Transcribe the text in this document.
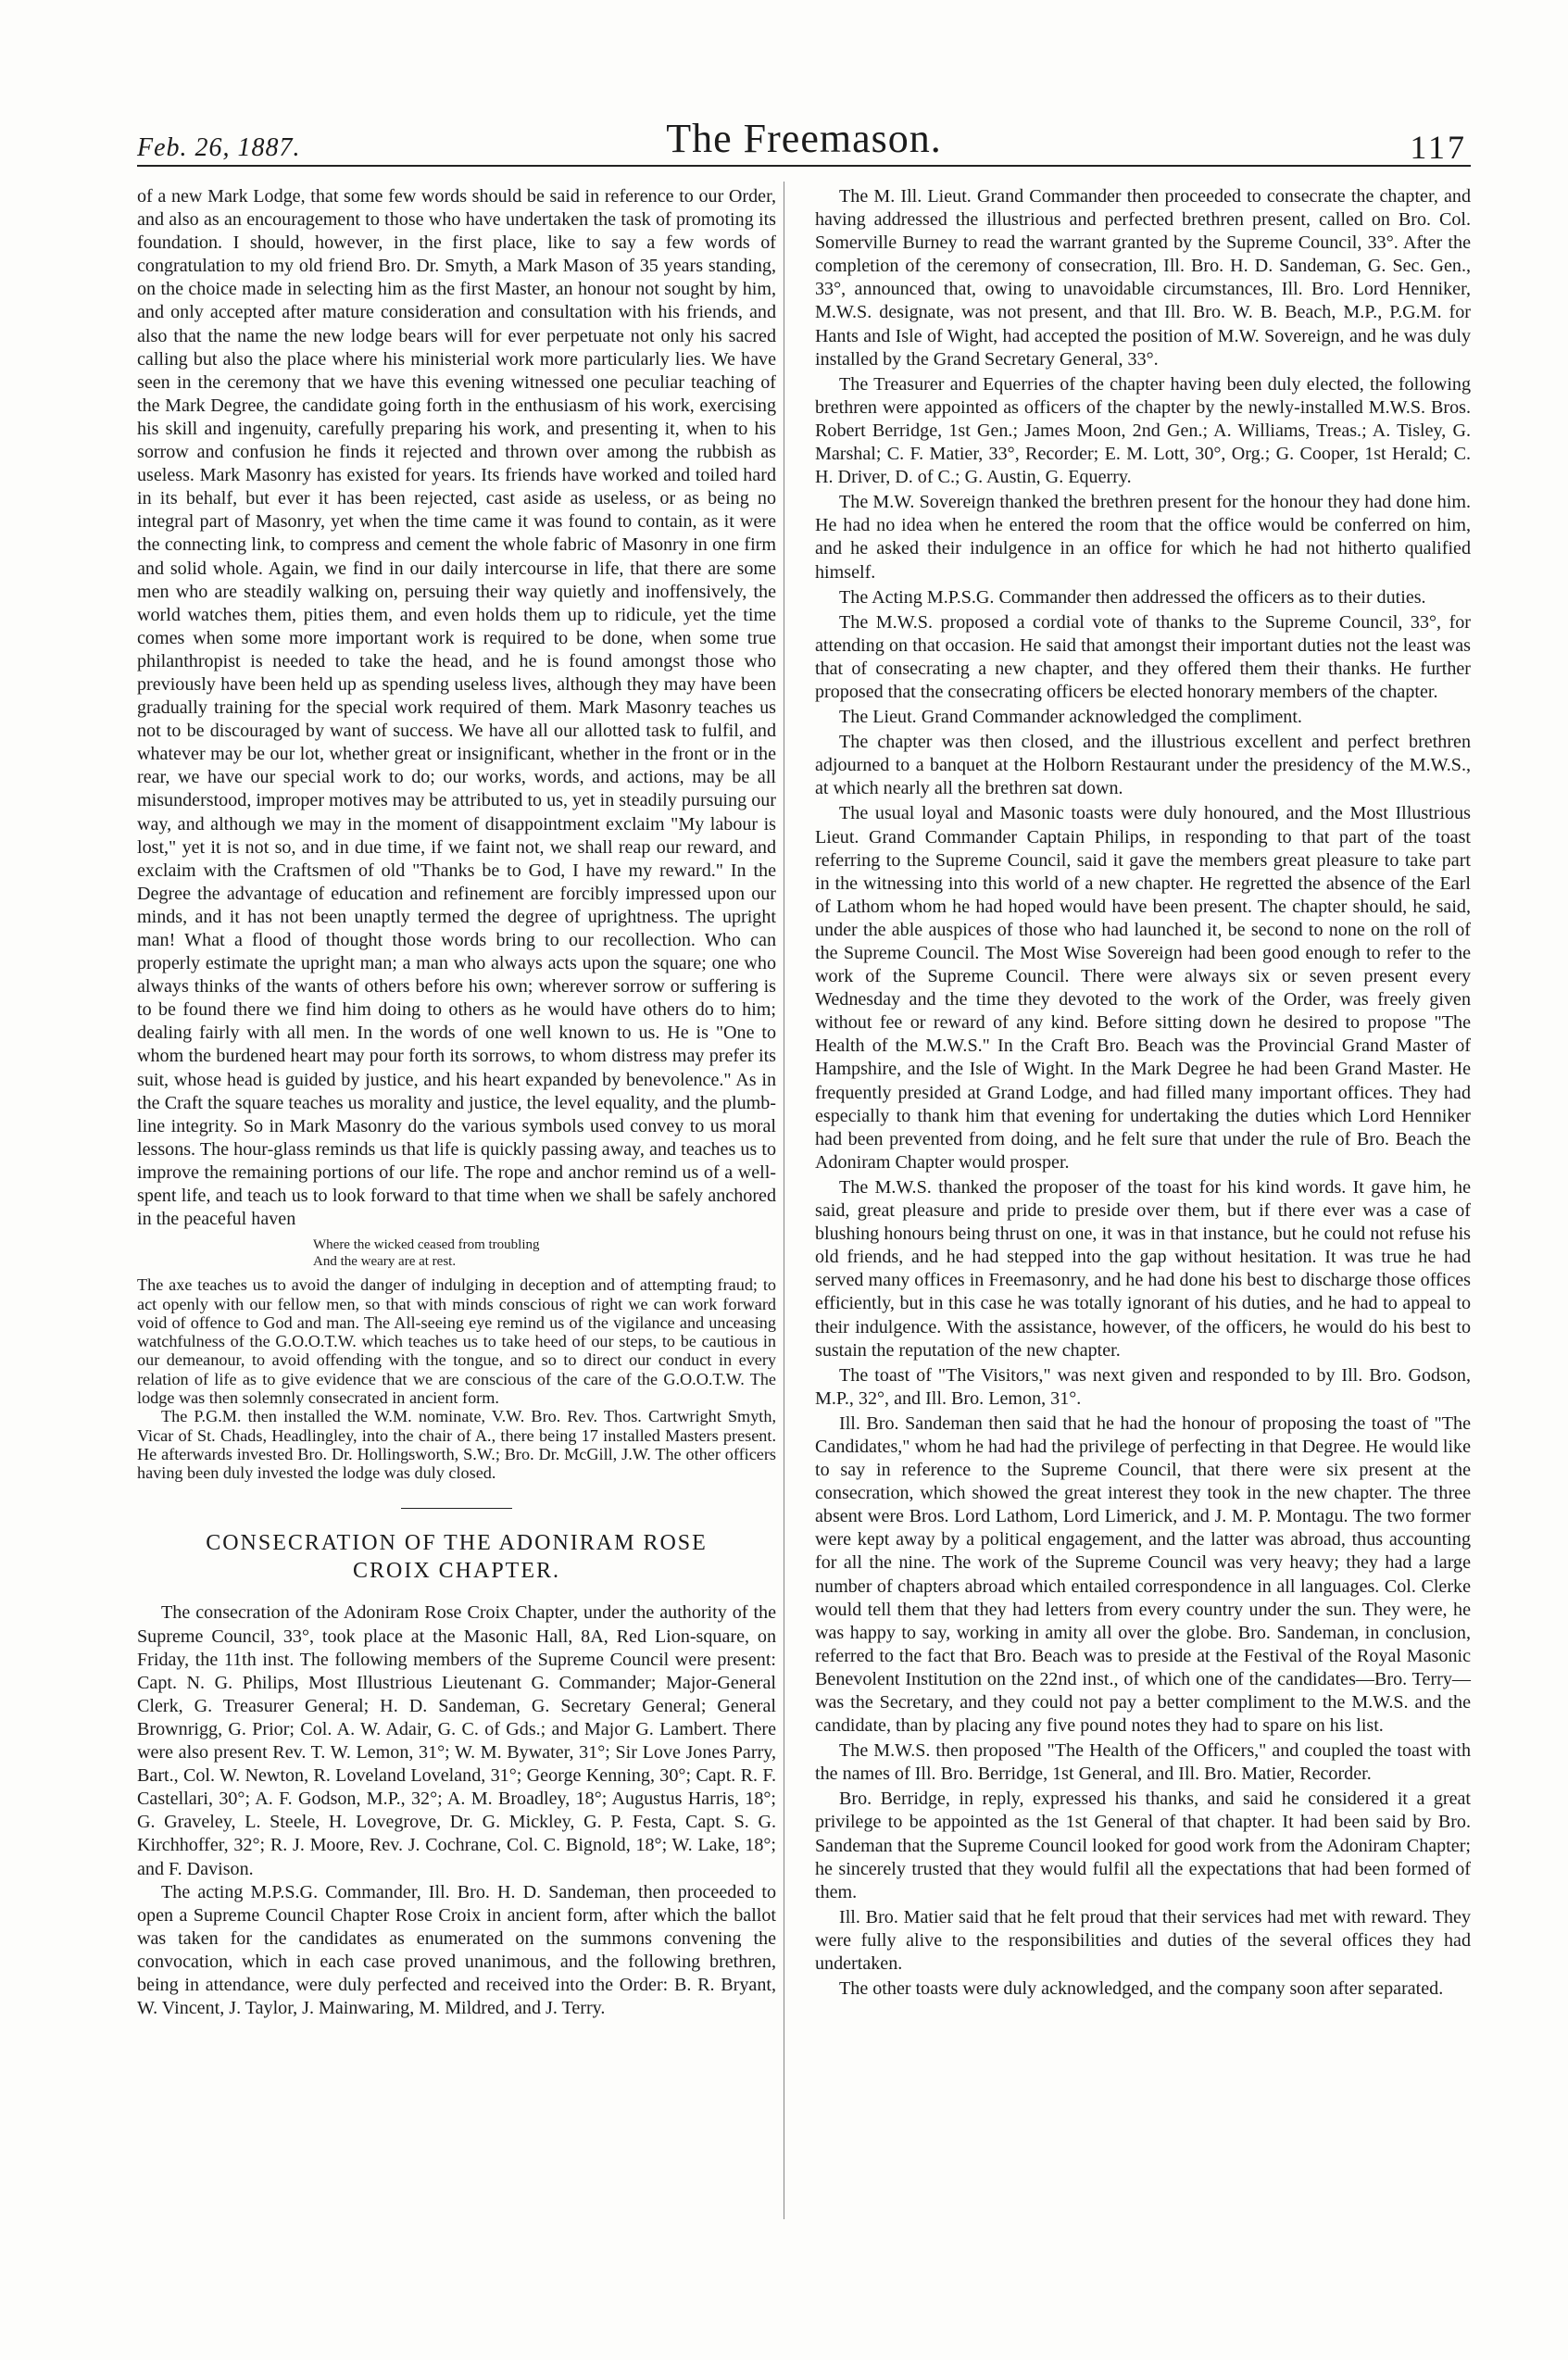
Feb. 26, 1887.	The Freemason.	117

of a new Mark Lodge, that some few words should be said in reference to our Order, and also as an encouragement to those who have undertaken the task of promoting its foundation. I should, however, in the first place, like to say a few words of congratulation to my old friend Bro. Dr. Smyth, a Mark Mason of 35 years standing, on the choice made in selecting him as the first Master, an honour not sought by him, and only accepted after mature consideration and consultation with his friends, and also that the name the new lodge bears will for ever perpetuate not only his sacred calling but also the place where his ministerial work more particularly lies. We have seen in the ceremony that we have this evening witnessed one peculiar teaching of the Mark Degree, the candidate going forth in the enthusiasm of his work, exercising his skill and ingenuity, carefully preparing his work, and presenting it, when to his sorrow and confusion he finds it rejected and thrown over among the rubbish as useless. Mark Masonry has existed for years. Its friends have worked and toiled hard in its behalf, but ever it has been rejected, cast aside as useless, or as being no integral part of Masonry, yet when the time came it was found to contain, as it were the connecting link, to compress and cement the whole fabric of Masonry in one firm and solid whole. Again, we find in our daily intercourse in life, that there are some men who are steadily walking on, persuing their way quietly and inoffensively, the world watches them, pities them, and even holds them up to ridicule, yet the time comes when some more important work is required to be done, when some true philanthropist is needed to take the head, and he is found amongst those who previously have been held up as spending useless lives, although they may have been gradually training for the special work required of them. Mark Masonry teaches us not to be discouraged by want of success. We have all our allotted task to fulfil, and whatever may be our lot, whether great or insignificant, whether in the front or in the rear, we have our special work to do; our works, words, and actions, may be all misunderstood, improper motives may be attributed to us, yet in steadily pursuing our way, and although we may in the moment of disappointment exclaim "My labour is lost," yet it is not so, and in due time, if we faint not, we shall reap our reward, and exclaim with the Craftsmen of old "Thanks be to God, I have my reward." In the Degree the advantage of education and refinement are forcibly impressed upon our minds, and it has not been unaptly termed the degree of uprightness. The upright man! What a flood of thought those words bring to our recollection. Who can properly estimate the upright man; a man who always acts upon the square; one who always thinks of the wants of others before his own; wherever sorrow or suffering is to be found there we find him doing to others as he would have others do to him; dealing fairly with all men. In the words of one well known to us. He is "One to whom the burdened heart may pour forth its sorrows, to whom distress may prefer its suit, whose head is guided by justice, and his heart expanded by benevolence." As in the Craft the square teaches us morality and justice, the level equality, and the plumb-line integrity. So in Mark Masonry do the various symbols used convey to us moral lessons. The hour-glass reminds us that life is quickly passing away, and teaches us to improve the remaining portions of our life. The rope and anchor remind us of a well-spent life, and teach us to look forward to that time when we shall be safely anchored in the peaceful haven

Where the wicked ceased from troubling
And the weary are at rest.

The axe teaches us to avoid the danger of indulging in deception and of attempting fraud; to act openly with our fellow men, so that with minds conscious of right we can work forward void of offence to God and man. The All-seeing eye remind us of the vigilance and unceasing watchfulness of the G.O.O.T.W. which teaches us to take heed of our steps, to be cautious in our demeanour, to avoid offending with the tongue, and so to direct our conduct in every relation of life as to give evidence that we are conscious of the care of the G.O.O.T.W. The lodge was then solemnly consecrated in ancient form.

The P.G.M. then installed the W.M. nominate, V.W. Bro. Rev. Thos. Cartwright Smyth, Vicar of St. Chads, Headlingley, into the chair of A., there being 17 installed Masters present. He afterwards invested Bro. Dr. Hollingsworth, S.W.; Bro. Dr. McGill, J.W. The other officers having been duly invested the lodge was duly closed.

CONSECRATION OF THE ADONIRAM ROSE
CROIX CHAPTER.

The consecration of the Adoniram Rose Croix Chapter, under the authority of the Supreme Council, 33°, took place at the Masonic Hall, 8A, Red Lion-square, on Friday, the 11th inst. The following members of the Supreme Council were present: Capt. N. G. Philips, Most Illustrious Lieutenant G. Commander; Major-General Clerk, G. Treasurer General; H. D. Sandeman, G. Secretary General; General Brownrigg, G. Prior; Col. A. W. Adair, G. C. of Gds.; and Major G. Lambert. There were also present Rev. T. W. Lemon, 31°; W. M. Bywater, 31°; Sir Love Jones Parry, Bart., Col. W. Newton, R. Loveland Loveland, 31°; George Kenning, 30°; Capt. R. F. Castellari, 30°; A. F. Godson, M.P., 32°; A. M. Broadley, 18°; Augustus Harris, 18°; G. Graveley, L. Steele, H. Lovegrove, Dr. G. Mickley, G. P. Festa, Capt. S. G. Kirchhoffer, 32°; R. J. Moore, Rev. J. Cochrane, Col. C. Bignold, 18°; W. Lake, 18°; and F. Davison.

The acting M.P.S.G. Commander, Ill. Bro. H. D. Sandeman, then proceeded to open a Supreme Council Chapter Rose Croix in ancient form, after which the ballot was taken for the candidates as enumerated on the summons convening the convocation, which in each case proved unanimous, and the following brethren, being in attendance, were duly perfected and received into the Order: B. R. Bryant, W. Vincent, J. Taylor, J. Mainwaring, M. Mildred, and J. Terry.

The M. Ill. Lieut. Grand Commander then proceeded to consecrate the chapter, and having addressed the illustrious and perfected brethren present, called on Bro. Col. Somerville Burney to read the warrant granted by the Supreme Council, 33°. After the completion of the ceremony of consecration, Ill. Bro. H. D. Sandeman, G. Sec. Gen., 33°, announced that, owing to unavoidable circumstances, Ill. Bro. Lord Henniker, M.W.S. designate, was not present, and that Ill. Bro. W. B. Beach, M.P., P.G.M. for Hants and Isle of Wight, had accepted the position of M.W. Sovereign, and he was duly installed by the Grand Secretary General, 33°.

The Treasurer and Equerries of the chapter having been duly elected, the following brethren were appointed as officers of the chapter by the newly-installed M.W.S. Bros. Robert Berridge, 1st Gen.; James Moon, 2nd Gen.; A. Williams, Treas.; A. Tisley, G. Marshal; C. F. Matier, 33°, Recorder; E. M. Lott, 30°, Org.; G. Cooper, 1st Herald; C. H. Driver, D. of C.; G. Austin, G. Equerry.

The M.W. Sovereign thanked the brethren present for the honour they had done him. He had no idea when he entered the room that the office would be conferred on him, and he asked their indulgence in an office for which he had not hitherto qualified himself.

The Acting M.P.S.G. Commander then addressed the officers as to their duties.

The M.W.S. proposed a cordial vote of thanks to the Supreme Council, 33°, for attending on that occasion. He said that amongst their important duties not the least was that of consecrating a new chapter, and they offered them their thanks. He further proposed that the consecrating officers be elected honorary members of the chapter.

The Lieut. Grand Commander acknowledged the compliment.

The chapter was then closed, and the illustrious excellent and perfect brethren adjourned to a banquet at the Holborn Restaurant under the presidency of the M.W.S., at which nearly all the brethren sat down.

The usual loyal and Masonic toasts were duly honoured, and the Most Illustrious Lieut. Grand Commander Captain Philips, in responding to that part of the toast referring to the Supreme Council, said it gave the members great pleasure to take part in the witnessing into this world of a new chapter. He regretted the absence of the Earl of Lathom whom he had hoped would have been present. The chapter should, he said, under the able auspices of those who had launched it, be second to none on the roll of the Supreme Council. The Most Wise Sovereign had been good enough to refer to the work of the Supreme Council. There were always six or seven present every Wednesday and the time they devoted to the work of the Order, was freely given without fee or reward of any kind. Before sitting down he desired to propose "The Health of the M.W.S." In the Craft Bro. Beach was the Provincial Grand Master of Hampshire, and the Isle of Wight. In the Mark Degree he had been Grand Master. He frequently presided at Grand Lodge, and had filled many important offices. They had especially to thank him that evening for undertaking the duties which Lord Henniker had been prevented from doing, and he felt sure that under the rule of Bro. Beach the Adoniram Chapter would prosper.

The M.W.S. thanked the proposer of the toast for his kind words. It gave him, he said, great pleasure and pride to preside over them, but if there ever was a case of blushing honours being thrust on one, it was in that instance, but he could not refuse his old friends, and he had stepped into the gap without hesitation. It was true he had served many offices in Freemasonry, and he had done his best to discharge those offices efficiently, but in this case he was totally ignorant of his duties, and he had to appeal to their indulgence. With the assistance, however, of the officers, he would do his best to sustain the reputation of the new chapter.

The toast of "The Visitors," was next given and responded to by Ill. Bro. Godson, M.P., 32°, and Ill. Bro. Lemon, 31°.

Ill. Bro. Sandeman then said that he had the honour of proposing the toast of "The Candidates," whom he had had the privilege of perfecting in that Degree. He would like to say in reference to the Supreme Council, that there were six present at the consecration, which showed the great interest they took in the new chapter. The three absent were Bros. Lord Lathom, Lord Limerick, and J. M. P. Montagu. The two former were kept away by a political engagement, and the latter was abroad, thus accounting for all the nine. The work of the Supreme Council was very heavy; they had a large number of chapters abroad which entailed correspondence in all languages. Col. Clerke would tell them that they had letters from every country under the sun. They were, he was happy to say, working in amity all over the globe. Bro. Sandeman, in conclusion, referred to the fact that Bro. Beach was to preside at the Festival of the Royal Masonic Benevolent Institution on the 22nd inst., of which one of the candidates—Bro. Terry—was the Secretary, and they could not pay a better compliment to the M.W.S. and the candidate, than by placing any five pound notes they had to spare on his list.

The M.W.S. then proposed "The Health of the Officers," and coupled the toast with the names of Ill. Bro. Berridge, 1st General, and Ill. Bro. Matier, Recorder.

Bro. Berridge, in reply, expressed his thanks, and said he considered it a great privilege to be appointed as the 1st General of that chapter. It had been said by Bro. Sandeman that the Supreme Council looked for good work from the Adoniram Chapter; he sincerely trusted that they would fulfil all the expectations that had been formed of them.

Ill. Bro. Matier said that he felt proud that their services had met with reward. They were fully alive to the responsibilities and duties of the several offices they had undertaken.

The other toasts were duly acknowledged, and the company soon after separated.
